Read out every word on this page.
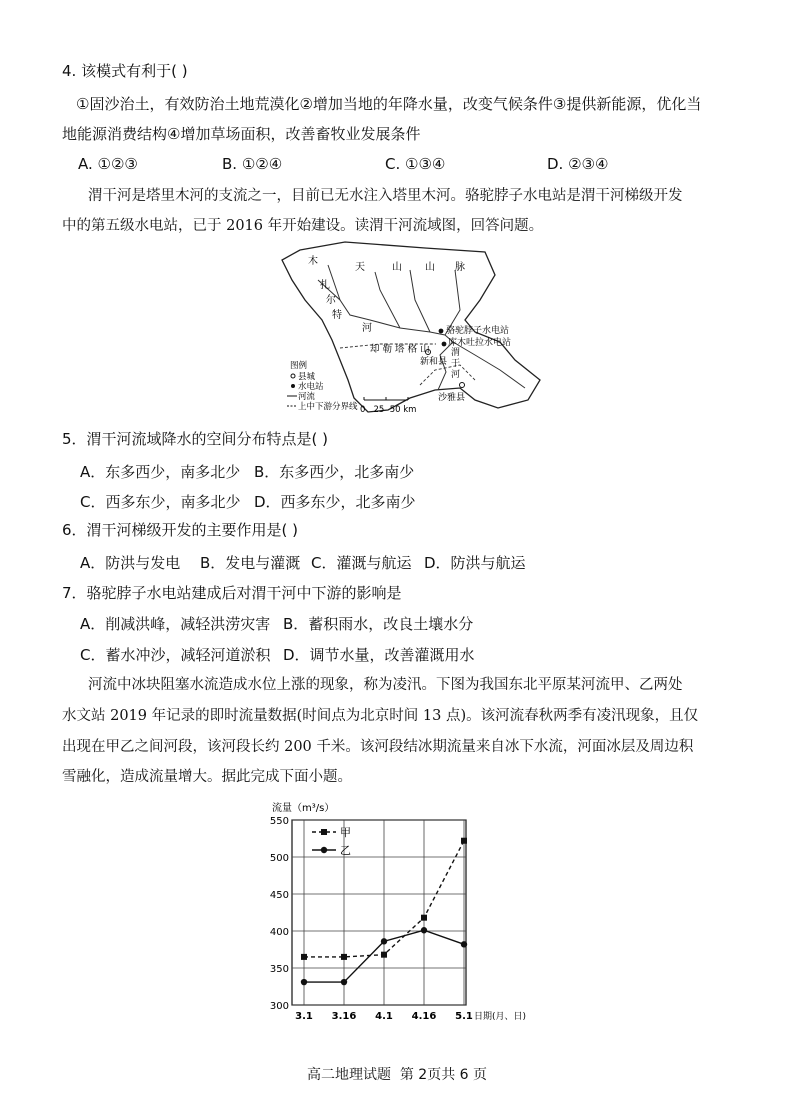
4. 该模式有利于( )
①固沙治土，有效防治土地荒漠化②增加当地的年降水量，改变气候条件③提供新能源，优化当
地能源消费结构④增加草场面积，改善畜牧业发展条件
A. ①②③	B. ①②④	C. ①③④	D. ②③④
渭干河是塔里木河的支流之一，目前已无水注入塔里木河。骆驼脖子水电站是渭干河梯级开发
中的第五级水电站，已于 2016 年开始建设。读渭干河流域图，回答问题。
木
天	山 山 脉
扎
尔
特
河	骆驼脖子水电站
库木吐拉水电站
却 勒 塔 格 山
新和县
渭
干
河
沙雅县
图例
县城
水电站
河流
上中下游分界线 0   25  50 km
5．渭干河流域降水的空间分布特点是( )
A．东多西少，南多北少 B．东多西少，北多南少
C．西多东少，南多北少 D．西多东少，北多南少
6．渭干河梯级开发的主要作用是( )
A．防洪与发电 B．发电与灌溉 C．灌溉与航运 D．防洪与航运
7．骆驼脖子水电站建成后对渭干河中下游的影响是
A．削减洪峰，减轻洪涝灾害 B．蓄积雨水，改良土壤水分
C．蓄水冲沙，减轻河道淤积 D．调节水量，改善灌溉用水
河流中冰块阻塞水流造成水位上涨的现象，称为凌汛。下图为我国东北平原某河流甲、乙两处
水文站 2019 年记录的即时流量数据(时间点为北京时间 13 点)。该河流春秋两季有凌汛现象，且仅
出现在甲乙之间河段，该河段长约 200 千米。该河段结冰期流量来自冰下水流，河面冰层及周边积
雪融化，造成流量增大。据此完成下面小题。
300
350
400
450
500
550
3.1 3.16 4.1 4.16 5.1
流量（m³/s）
日期(月、日)
甲
乙
高二地理试题  第 2页共 6 页
